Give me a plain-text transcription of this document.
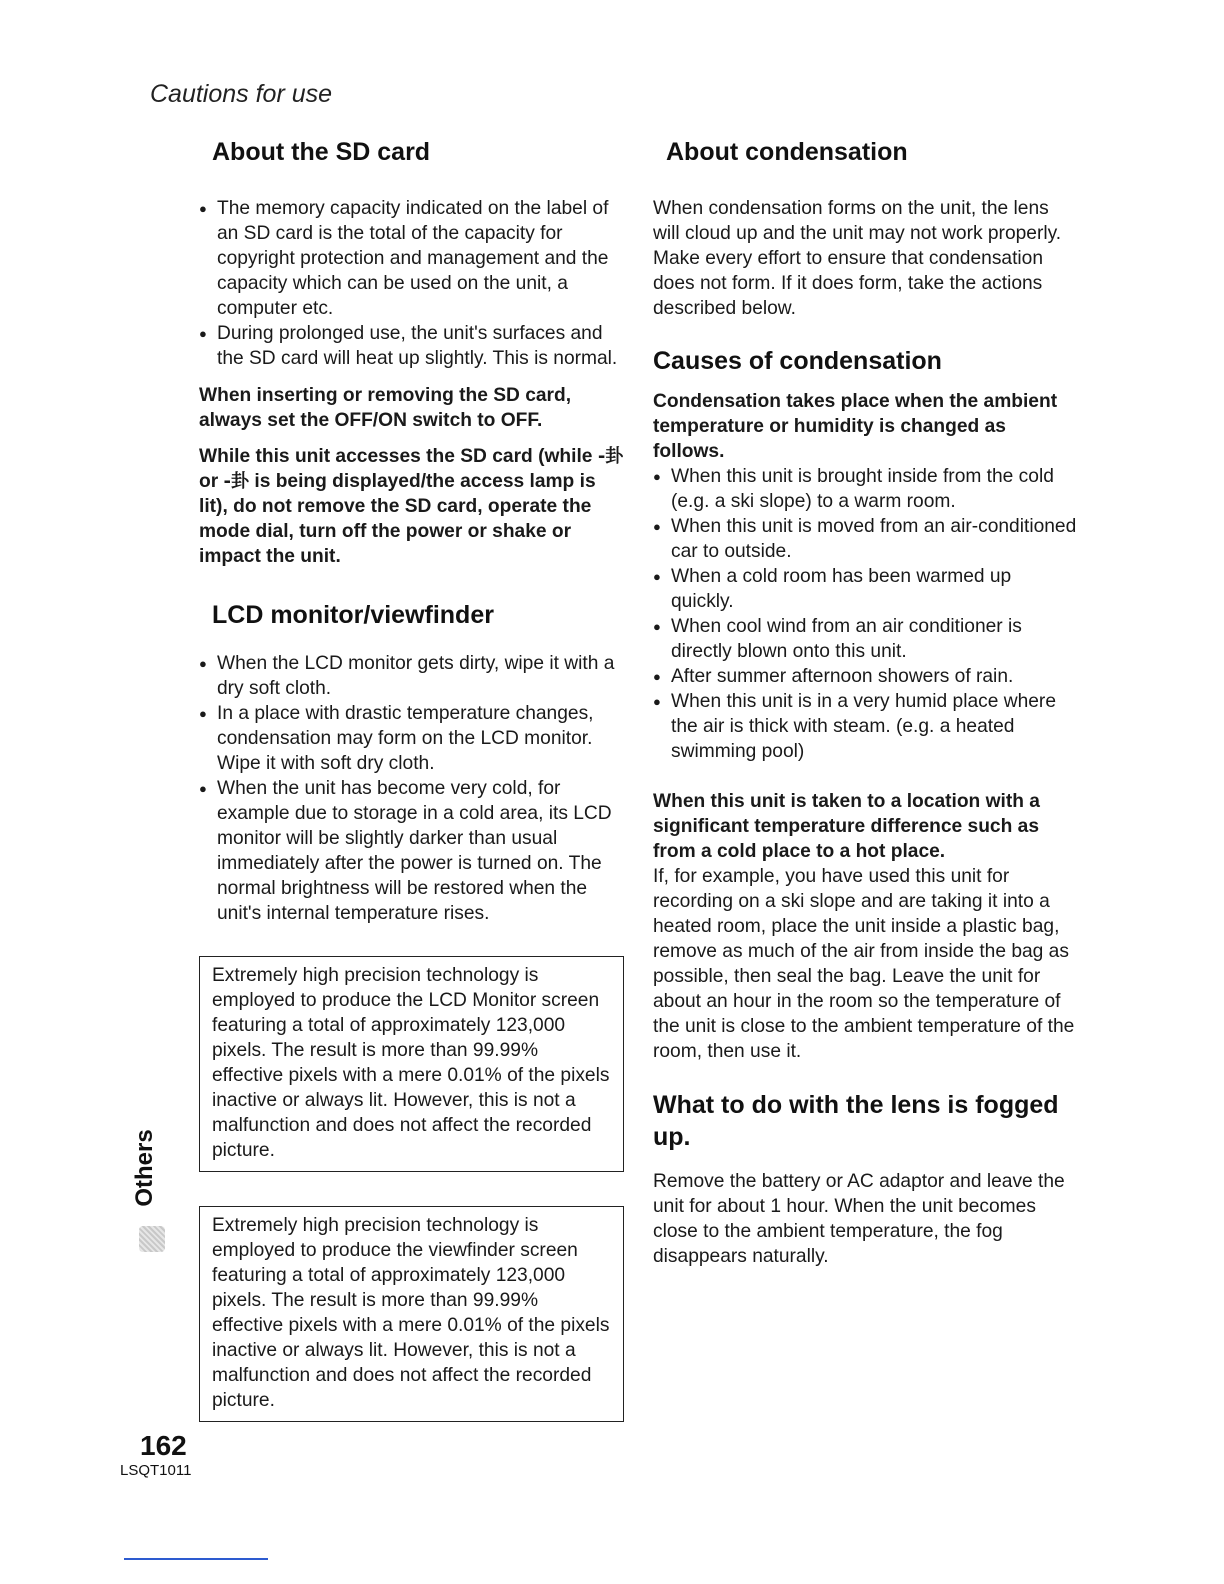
Cautions for use
About the SD card
● The memory capacity indicated on the label of an SD card is the total of the capacity for copyright protection and management and the capacity which can be used on the unit, a computer etc.
● During prolonged use, the unit's surfaces and the SD card will heat up slightly. This is normal.

When inserting or removing the SD card, always set the OFF/ON switch to OFF.

While this unit accesses the SD card (while -卦 or -卦 is being displayed/the access lamp is lit), do not remove the SD card, operate the mode dial, turn off the power or shake or impact the unit.

LCD monitor/viewfinder
● When the LCD monitor gets dirty, wipe it with a dry soft cloth.
● In a place with drastic temperature changes, condensation may form on the LCD monitor. Wipe it with soft dry cloth.
● When the unit has become very cold, for example due to storage in a cold area, its LCD monitor will be slightly darker than usual immediately after the power is turned on. The normal brightness will be restored when the unit's internal temperature rises.

Extremely high precision technology is employed to produce the LCD Monitor screen featuring a total of approximately 123,000 pixels. The result is more than 99.99% effective pixels with a mere 0.01% of the pixels inactive or always lit. However, this is not a malfunction and does not affect the recorded picture.

Extremely high precision technology is employed to produce the viewfinder screen featuring a total of approximately 123,000 pixels. The result is more than 99.99% effective pixels with a mere 0.01% of the pixels inactive or always lit. However, this is not a malfunction and does not affect the recorded picture.

About condensation

When condensation forms on the unit, the lens will cloud up and the unit may not work properly. Make every effort to ensure that condensation does not form. If it does form, take the actions described below.

Causes of condensation

Condensation takes place when the ambient temperature or humidity is changed as follows.

● When this unit is brought inside from the cold (e.g. a ski slope) to a warm room.
● When this unit is moved from an air-conditioned car to outside.
● When a cold room has been warmed up quickly.
● When cool wind from an air conditioner is directly blown onto this unit.
● After summer afternoon showers of rain.
● When this unit is in a very humid place where the air is thick with steam. (e.g. a heated swimming pool)

When this unit is taken to a location with a significant temperature difference such as from a cold place to a hot place.

If, for example, you have used this unit for recording on a ski slope and are taking it into a heated room, place the unit inside a plastic bag, remove as much of the air from inside the bag as possible, then seal the bag. Leave the unit for about an hour in the room so the temperature of the unit is close to the ambient temperature of the room, then use it.

What to do with the lens is fogged up.

Remove the battery or AC adaptor and leave the unit for about 1 hour. When the unit becomes close to the ambient temperature, the fog disappears naturally.

Others
162
LSQT1011
